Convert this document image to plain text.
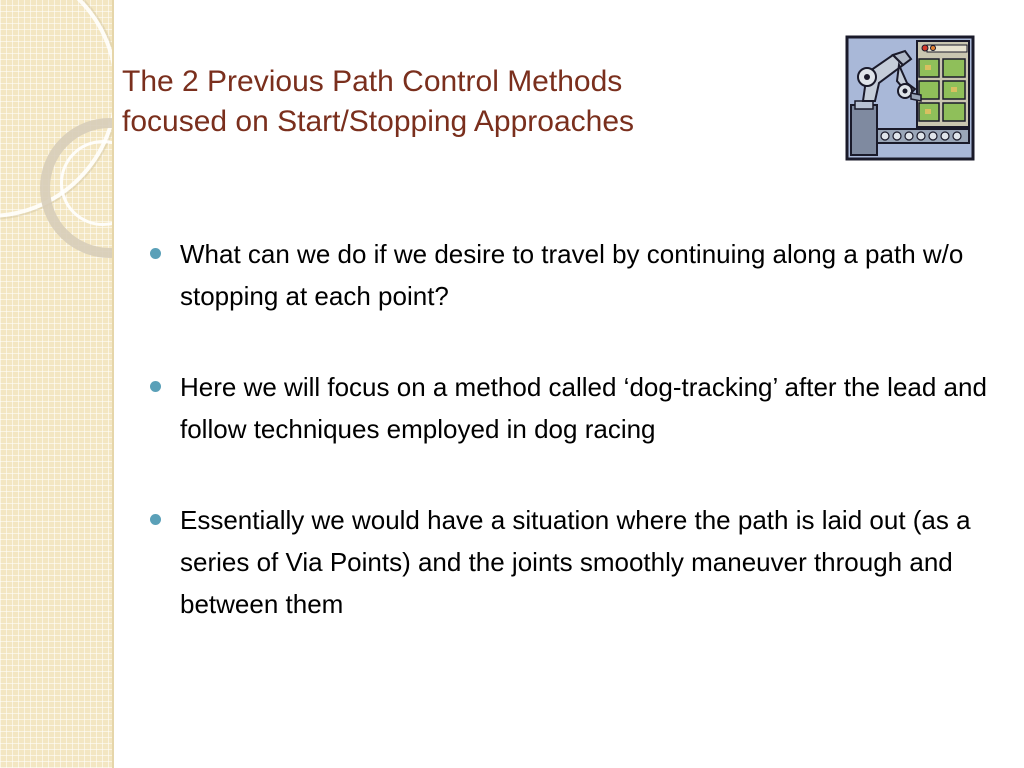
The 2 Previous Path Control Methods
focused on Start/Stopping Approaches
What can we do if we desire to travel by continuing along a path w/o stopping at each point?
Here we will focus on a method called ‘dog-tracking’ after the lead and follow techniques employed in dog racing
Essentially we would have a situation where the path is laid out (as a series of Via Points) and the joints smoothly maneuver through and between them
